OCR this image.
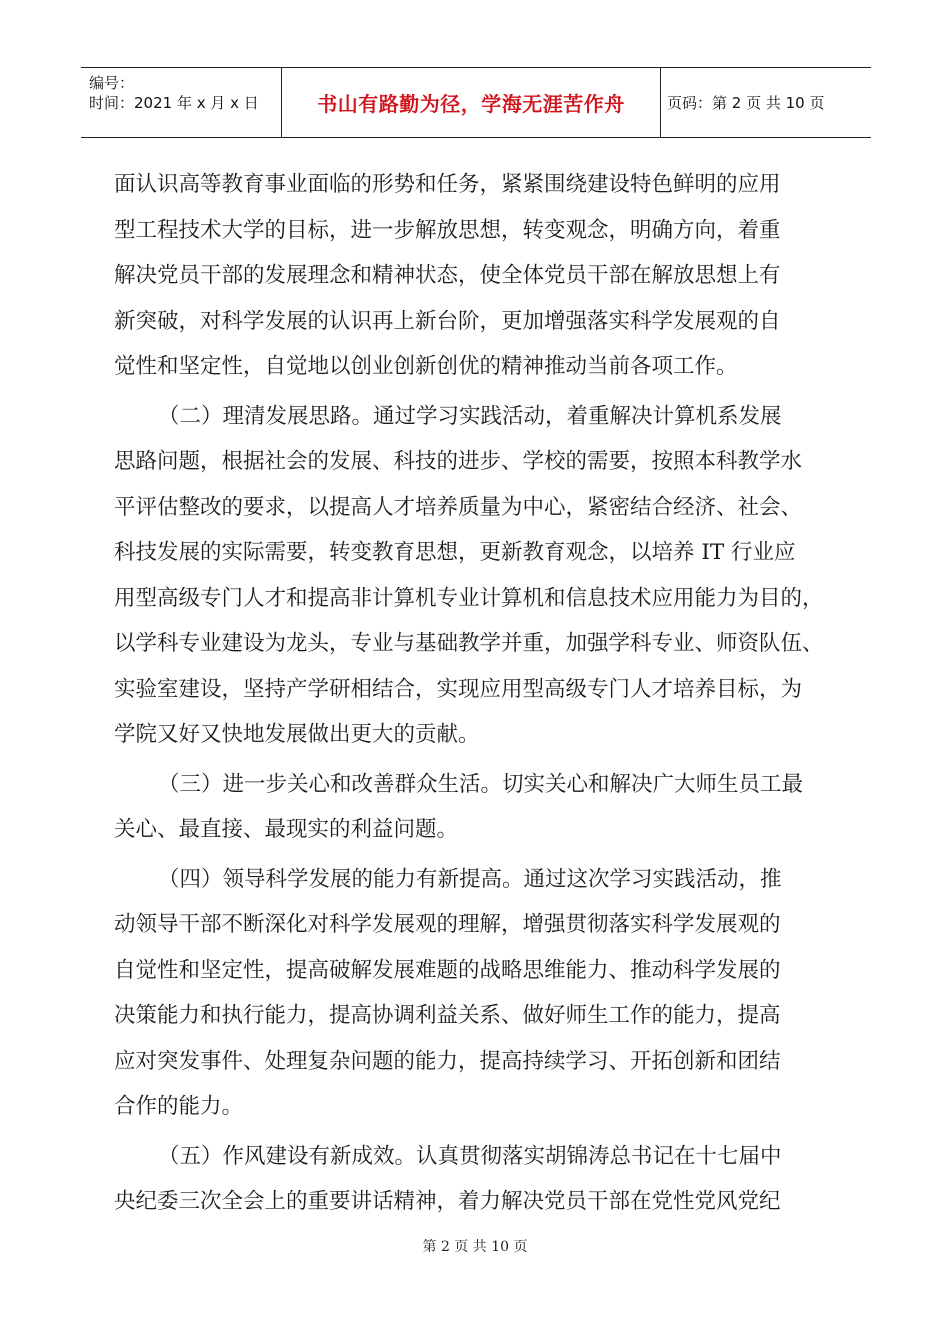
编号：
时间：2021 年 x 月 x 日	书山有路勤为径，学海无涯苦作舟	页码：第 2 页 共 10 页

面认识高等教育事业面临的形势和任务，紧紧围绕建设特色鲜明的应用
型工程技术大学的目标，进一步解放思想，转变观念，明确方向，着重
解决党员干部的发展理念和精神状态，使全体党员干部在解放思想上有
新突破，对科学发展的认识再上新台阶，更加增强落实科学发展观的自
觉性和坚定性，自觉地以创业创新创优的精神推动当前各项工作。

（二）理清发展思路。通过学习实践活动，着重解决计算机系发展
思路问题，根据社会的发展、科技的进步、学校的需要，按照本科教学水
平评估整改的要求，以提高人才培养质量为中心，紧密结合经济、社会、
科技发展的实际需要，转变教育思想，更新教育观念，以培养 IT 行业应
用型高级专门人才和提高非计算机专业计算机和信息技术应用能力为目的，
以学科专业建设为龙头，专业与基础教学并重，加强学科专业、师资队伍、
实验室建设，坚持产学研相结合，实现应用型高级专门人才培养目标，为
学院又好又快地发展做出更大的贡献。

（三）进一步关心和改善群众生活。切实关心和解决广大师生员工最
关心、最直接、最现实的利益问题。

（四）领导科学发展的能力有新提高。通过这次学习实践活动，推
动领导干部不断深化对科学发展观的理解，增强贯彻落实科学发展观的
自觉性和坚定性，提高破解发展难题的战略思维能力、推动科学发展的
决策能力和执行能力，提高协调利益关系、做好师生工作的能力，提高
应对突发事件、处理复杂问题的能力，提高持续学习、开拓创新和团结
合作的能力。

（五）作风建设有新成效。认真贯彻落实胡锦涛总书记在十七届中
央纪委三次全会上的重要讲话精神，着力解决党员干部在党性党风党纪

第 2 页 共 10 页
